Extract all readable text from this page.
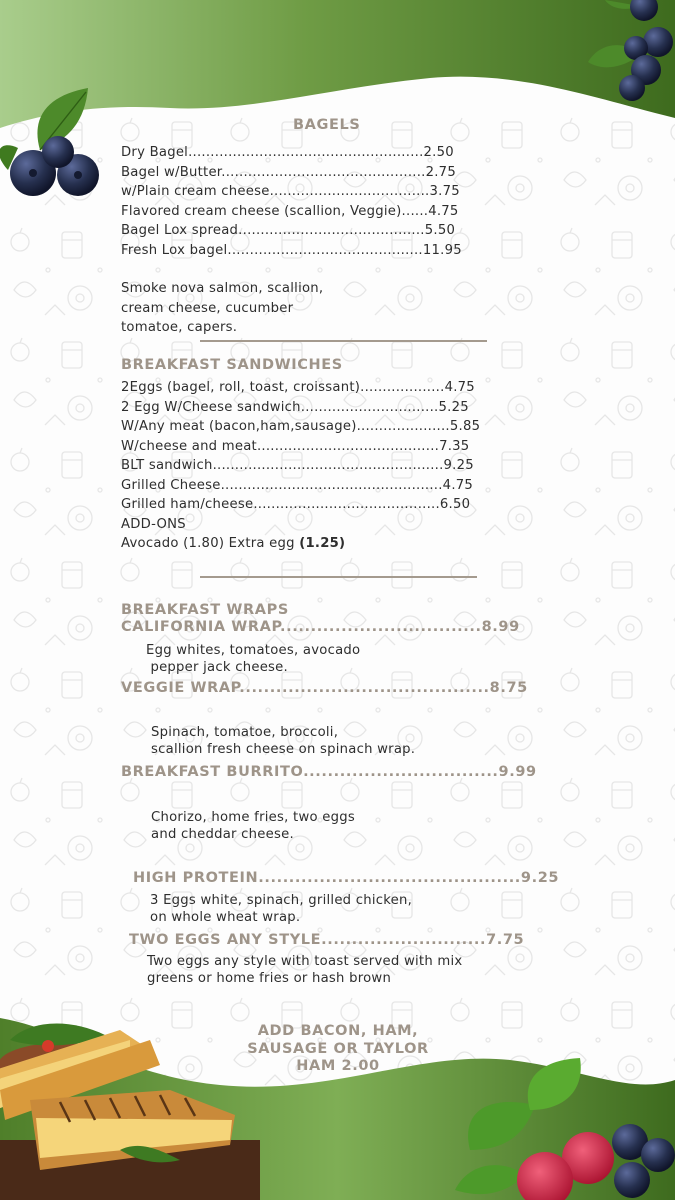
BAGELS
Dry Bagel.....................................................2.50
Bagel w/Butter..............................................2.75
w/Plain cream cheese....................................3.75
Flavored cream cheese (scallion, Veggie)......4.75
Bagel Lox spread..........................................5.50
Fresh Lox bagel............................................11.95
Smoke nova salmon, scallion,
cream cheese, cucumber
tomatoe, capers.
BREAKFAST SANDWICHES
2Eggs (bagel, roll, toast, croissant)...................4.75
2 Egg W/Cheese sandwich...............................5.25
W/Any meat (bacon,ham,sausage).....................5.85
W/cheese and meat.........................................7.35
BLT sandwich....................................................9.25
Grilled Cheese..................................................4.75
Grilled ham/cheese..........................................6.50
ADD-ONS
Avocado (1.80) Extra egg (1.25)
BREAKFAST WRAPS
CALIFORNIA WRAP.................................8.99
Egg whites, tomatoes, avocado
pepper jack cheese.
VEGGIE WRAP.........................................8.75
Spinach, tomatoe, broccoli,
scallion fresh cheese on spinach wrap.
BREAKFAST BURRITO................................9.99
Chorizo, home fries, two eggs
and cheddar cheese.
HIGH PROTEIN...........................................9.25
3 Eggs white, spinach, grilled chicken,
on whole wheat wrap.
TWO EGGS ANY STYLE...........................7.75
Two eggs any style with toast served with mix
greens or home fries or hash brown
ADD BACON, HAM,
SAUSAGE OR TAYLOR
HAM 2.00
